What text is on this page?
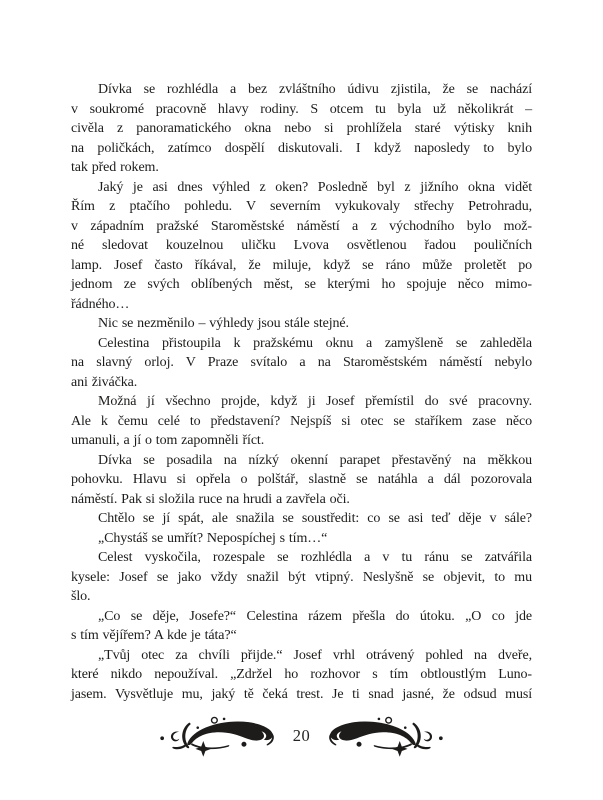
Dívka se rozhlédla a bez zvláštního údivu zjistila, že se nachází
v soukromé pracovně hlavy rodiny. S otcem tu byla už několikrát –
civěla z panoramatického okna nebo si prohlížela staré výtisky knih
na poličkách, zatímco dospělí diskutovali. I když naposledy to bylo
tak před rokem.
Jaký je asi dnes výhled z oken? Posledně byl z jižního okna vidět
Řím z ptačího pohledu. V severním vykukovaly střechy Petrohradu,
v západním pražské Staroměstské náměstí a z východního bylo mož-
né sledovat kouzelnou uličku Lvova osvětlenou řadou pouličních
lamp. Josef často říkával, že miluje, když se ráno může proletět po
jednom ze svých oblíbených měst, se kterými ho spojuje něco mimo-
řádného…
Nic se nezměnilo – výhledy jsou stále stejné.
Celestina přistoupila k pražskému oknu a zamyšleně se zahleděla
na slavný orloj. V Praze svítalo a na Staroměstském náměstí nebylo
ani živáčka.
Možná jí všechno projde, když ji Josef přemístil do své pracovny.
Ale k čemu celé to představení? Nejspíš si otec se staříkem zase něco
umanuli, a jí o tom zapomněli říct.
Dívka se posadila na nízký okenní parapet přestavěný na měkkou
pohovku. Hlavu si opřela o polštář, slastně se natáhla a dál pozorovala
náměstí. Pak si složila ruce na hrudi a zavřela oči.
Chtělo se jí spát, ale snažila se soustředit: co se asi teď děje v sále?
„Chystáš se umřít? Nepospíchej s tím…“
Celest vyskočila, rozespale se rozhlédla a v tu ránu se zatvářila
kysele: Josef se jako vždy snažil být vtipný. Neslyšně se objevit, to mu
šlo.
„Co se děje, Josefe?“ Celestina rázem přešla do útoku. „O co jde
s tím vějířem? A kde je táta?“
„Tvůj otec za chvíli přijde.“ Josef vrhl otrávený pohled na dveře,
které nikdo nepoužíval. „Zdržel ho rozhovor s tím obtloustlým Luno-
jasem. Vysvětluje mu, jaký tě čeká trest. Je ti snad jasné, že odsud musí
20
